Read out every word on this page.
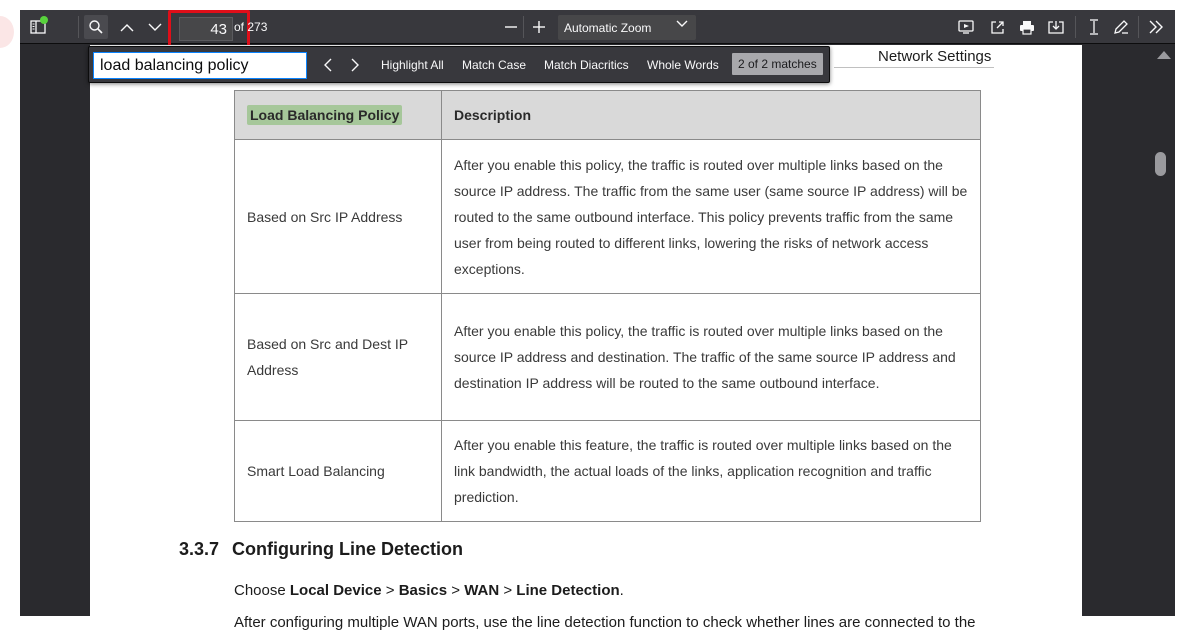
43
of 273	Automatic Zoom
Network Settings
Load Balancing Policy	Description
Based on Src IP Address	After you enable this policy, the traffic is routed over multiple links based on the source IP address. The traffic from the same user (same source IP address) will be routed to the same outbound interface. This policy prevents traffic from the same user from being routed to different links, lowering the risks of network access exceptions.
Based on Src and Dest IP Address	After you enable this policy, the traffic is routed over multiple links based on the source IP address and destination. The traffic of the same source IP address and destination IP address will be routed to the same outbound interface.
Smart Load Balancing	After you enable this feature, the traffic is routed over multiple links based on the link bandwidth, the actual loads of the links, application recognition and traffic prediction.
3.3.7 Configuring Line Detection
Choose Local Device > Basics > WAN > Line Detection.
After configuring multiple WAN ports, use the line detection function to check whether lines are connected to the
load balancing policy
Highlight All Match Case Match Diacritics Whole Words	2 of 2 matches
